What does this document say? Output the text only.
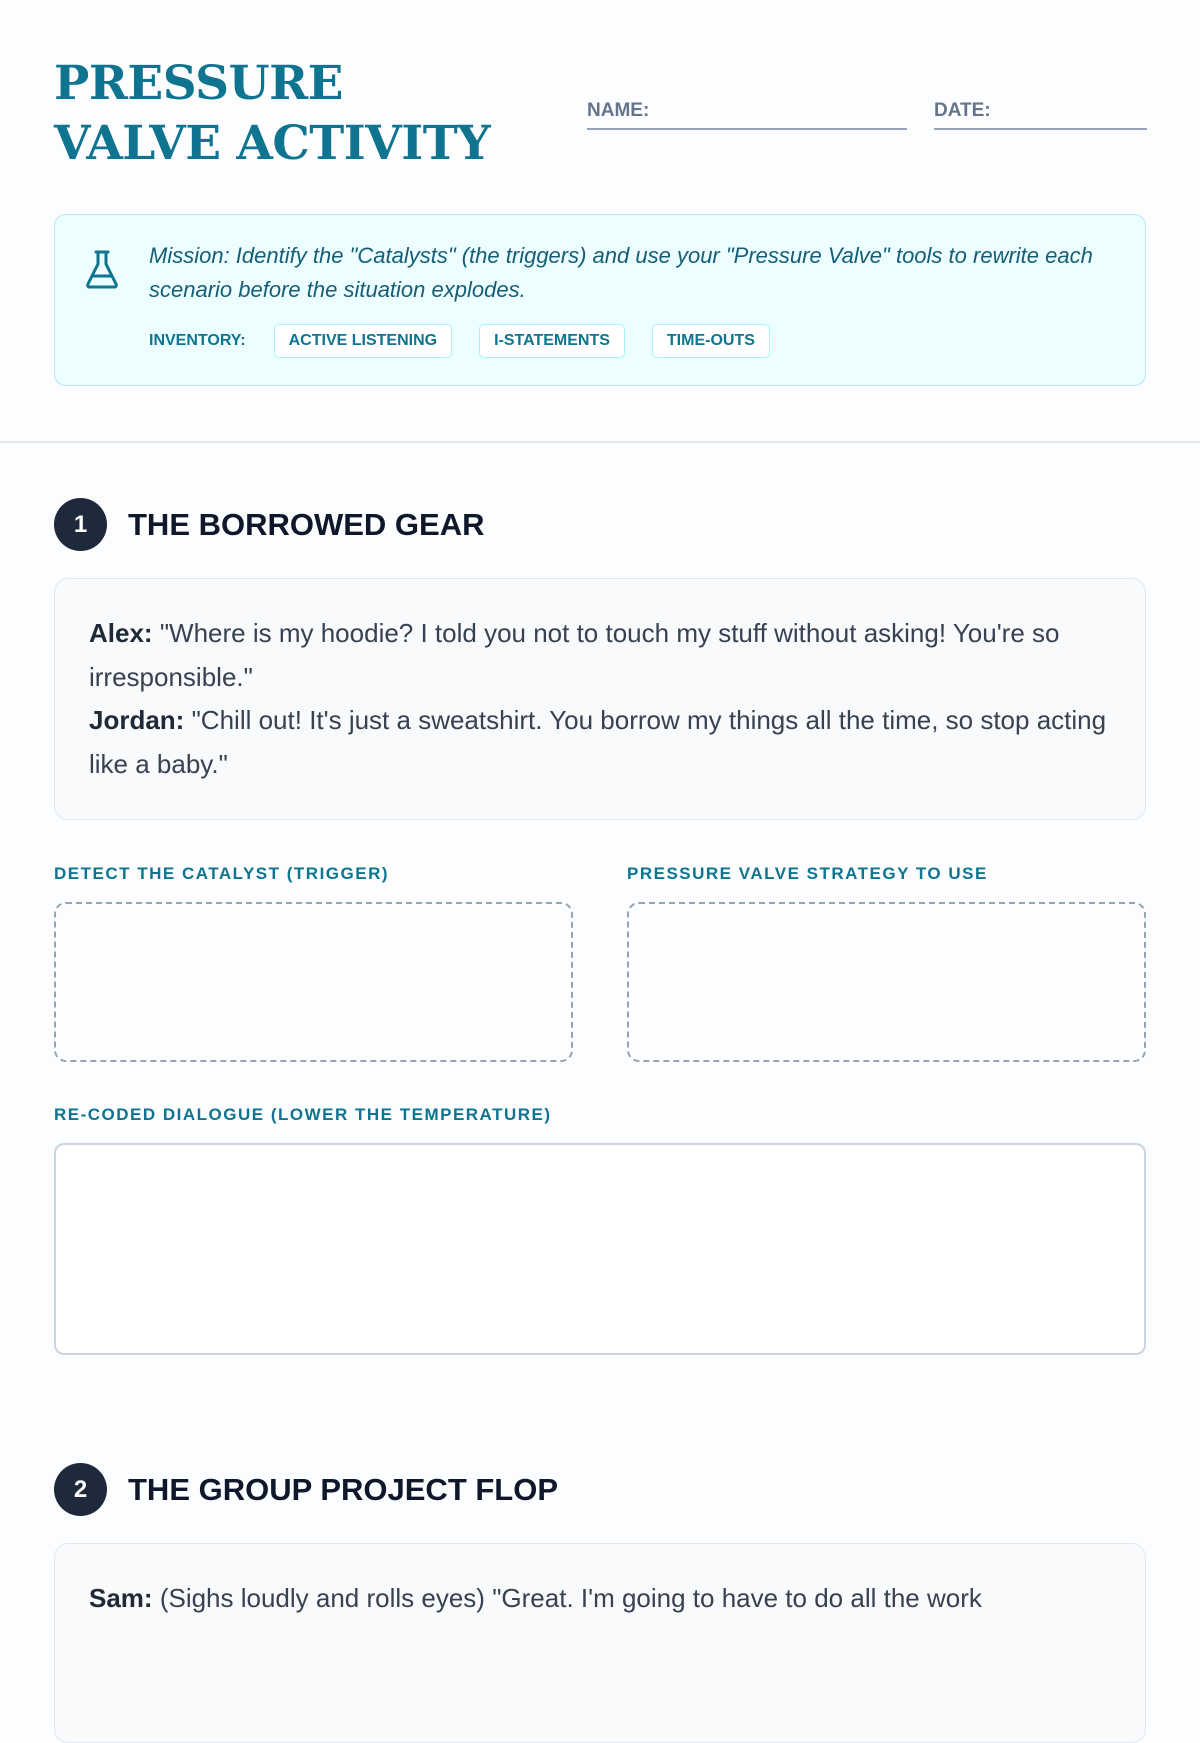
PRESSURE VALVE ACTIVITY
NAME:	DATE:

Mission: Identify the "Catalysts" (the triggers) and use your "Pressure Valve" tools to rewrite each scenario before the situation explodes.

INVENTORY:	ACTIVE LISTENING	I-STATEMENTS	TIME-OUTS
1	THE BORROWED GEAR

Alex: "Where is my hoodie? I told you not to touch my stuff without asking! You're so irresponsible."

Jordan: "Chill out! It's just a sweatshirt. You borrow my things all the time, so stop acting like a baby."

DETECT THE CATALYST (TRIGGER)	PRESSURE VALVE STRATEGY TO USE
RE-CODED DIALOGUE (LOWER THE TEMPERATURE)
2	THE GROUP PROJECT FLOP

Sam: (Sighs loudly and rolls eyes) "Great. I'm going to have to do all the work
